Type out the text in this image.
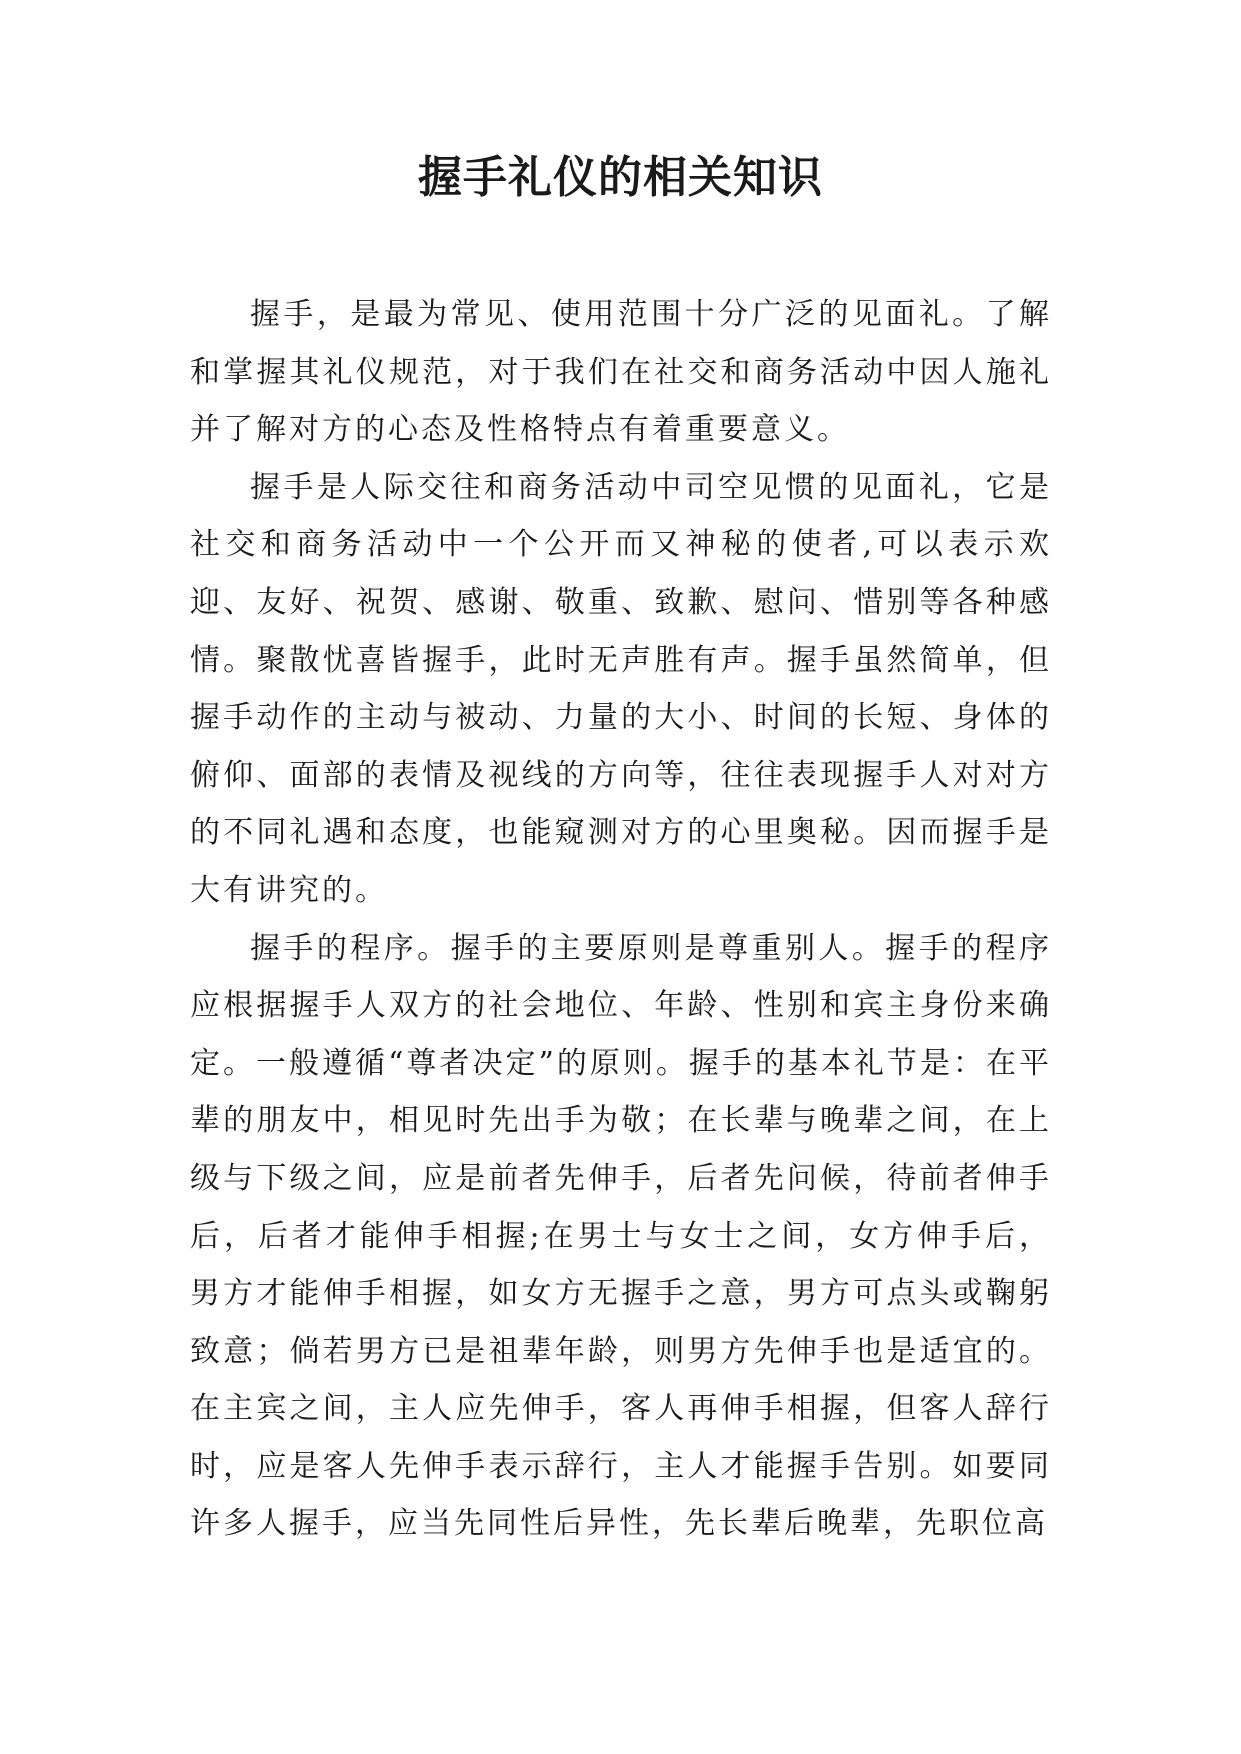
握手礼仪的相关知识

握手，是最为常见、使用范围十分广泛的见面礼。了解和掌握其礼仪规范，对于我们在社交和商务活动中因人施礼并了解对方的心态及性格特点有着重要意义。

握手是人际交往和商务活动中司空见惯的见面礼，它是社交和商务活动中一个公开而又神秘的使者,可以表示欢迎、友好、祝贺、感谢、敬重、致歉、慰问、惜别等各种感情。聚散忧喜皆握手，此时无声胜有声。握手虽然简单，但握手动作的主动与被动、力量的大小、时间的长短、身体的俯仰、面部的表情及视线的方向等，往往表现握手人对对方的不同礼遇和态度，也能窥测对方的心里奥秘。因而握手是大有讲究的。

握手的程序。握手的主要原则是尊重别人。握手的程序应根据握手人双方的社会地位、年龄、性别和宾主身份来确定。一般遵循“尊者决定”的原则。握手的基本礼节是：在平辈的朋友中，相见时先出手为敬；在长辈与晚辈之间，在上级与下级之间，应是前者先伸手，后者先问候，待前者伸手后，后者才能伸手相握;在男士与女士之间，女方伸手后，男方才能伸手相握，如女方无握手之意，男方可点头或鞠躬致意；倘若男方已是祖辈年龄，则男方先伸手也是适宜的。在主宾之间，主人应先伸手，客人再伸手相握，但客人辞行时，应是客人先伸手表示辞行，主人才能握手告别。如要同许多人握手，应当先同性后异性，先长辈后晚辈，先职位高
